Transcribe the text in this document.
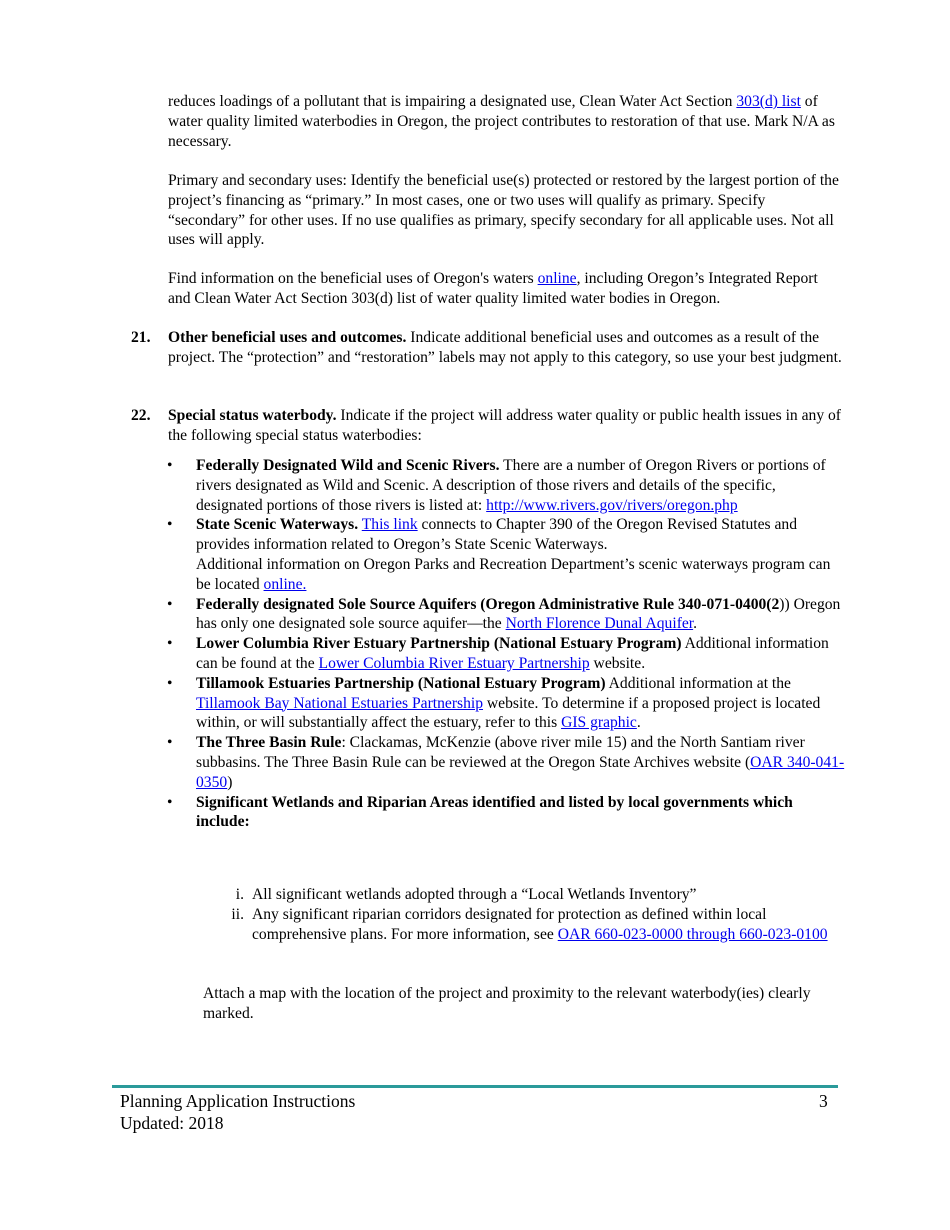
reduces loadings of a pollutant that is impairing a designated use, Clean Water Act Section 303(d) list of water quality limited waterbodies in Oregon, the project contributes to restoration of that use. Mark N/A as necessary.
Primary and secondary uses: Identify the beneficial use(s) protected or restored by the largest portion of the project’s financing as “primary.” In most cases, one or two uses will qualify as primary. Specify “secondary” for other uses. If no use qualifies as primary, specify secondary for all applicable uses. Not all uses will apply.
Find information on the beneficial uses of Oregon's waters online, including Oregon’s Integrated Report and Clean Water Act Section 303(d) list of water quality limited water bodies in Oregon.
21. Other beneficial uses and outcomes. Indicate additional beneficial uses and outcomes as a result of the project. The “protection” and “restoration” labels may not apply to this category, so use your best judgment.
22. Special status waterbody. Indicate if the project will address water quality or public health issues in any of the following special status waterbodies:
• Federally Designated Wild and Scenic Rivers. There are a number of Oregon Rivers or portions of rivers designated as Wild and Scenic. A description of those rivers and details of the specific, designated portions of those rivers is listed at: http://www.rivers.gov/rivers/oregon.php
• State Scenic Waterways. This link connects to Chapter 390 of the Oregon Revised Statutes and provides information related to Oregon’s State Scenic Waterways.
Additional information on Oregon Parks and Recreation Department’s scenic waterways program can be located online.
• Federally designated Sole Source Aquifers (Oregon Administrative Rule 340-071-0400(2)) Oregon has only one designated sole source aquifer—the North Florence Dunal Aquifer.
• Lower Columbia River Estuary Partnership (National Estuary Program) Additional information can be found at the Lower Columbia River Estuary Partnership website.
• Tillamook Estuaries Partnership (National Estuary Program) Additional information at the Tillamook Bay National Estuaries Partnership website. To determine if a proposed project is located within, or will substantially affect the estuary, refer to this GIS graphic.
• The Three Basin Rule: Clackamas, McKenzie (above river mile 15) and the North Santiam river subbasins. The Three Basin Rule can be reviewed at the Oregon State Archives website (OAR 340-041-0350)
• Significant Wetlands and Riparian Areas identified and listed by local governments which include:
i. All significant wetlands adopted through a “Local Wetlands Inventory”
ii. Any significant riparian corridors designated for protection as defined within local comprehensive plans. For more information, see OAR 660-023-0000 through 660-023-0100
Attach a map with the location of the project and proximity to the relevant waterbody(ies) clearly marked.
Planning Application Instructions
Updated: 2018
3
